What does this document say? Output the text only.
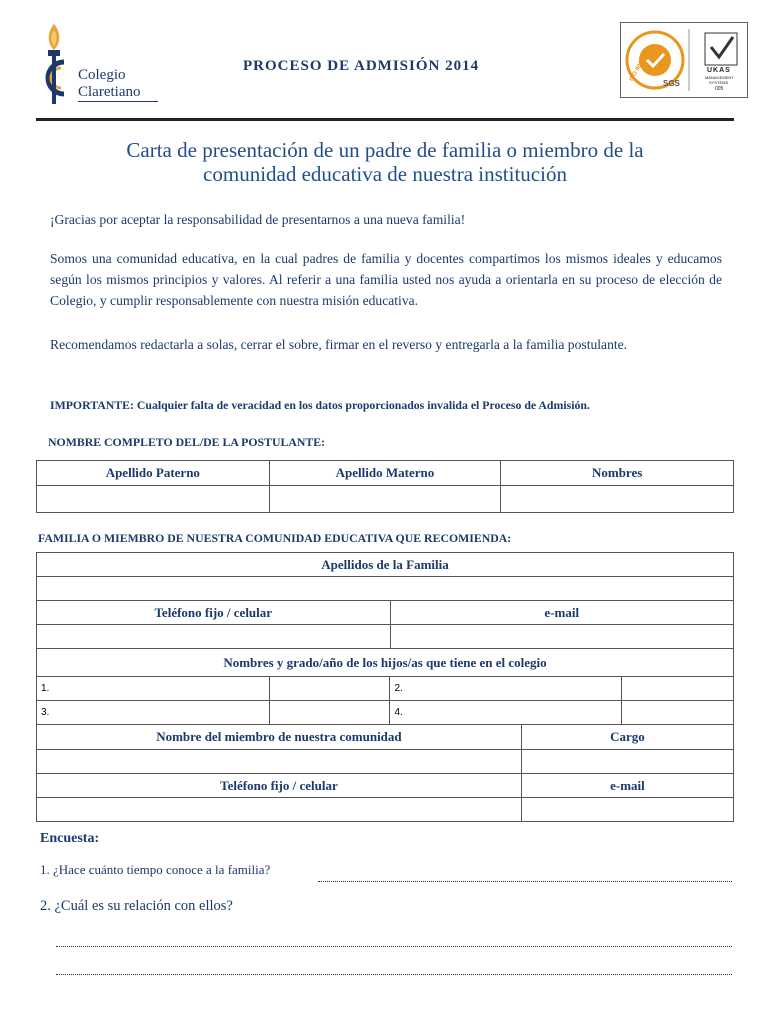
Colegio
Claretiano
PROCESO DE ADMISIÓN 2014	ISO 9001
SGS
UKAS
MANAGEMENT
SYSTEMS
005
Carta de presentación de un padre de familia o miembro de la
comunidad educativa de nuestra institución
¡Gracias por aceptar la responsabilidad de presentarnos a una nueva familia!
Somos una comunidad educativa, en la cual padres de familia y docentes compartimos los mismos ideales y educamos según los mismos principios y valores. Al referir a una familia usted nos ayuda a orientarla en su proceso de elección de Colegio, y cumplir responsablemente con nuestra misión educativa.
Recomendamos redactarla a solas, cerrar el sobre, firmar en el reverso y entregarla a la familia postulante.
IMPORTANTE: Cualquier falta de veracidad en los datos proporcionados invalida el Proceso de Admisión.
NOMBRE COMPLETO DEL/DE LA POSTULANTE:
Apellido Paterno	Apellido Materno	Nombres

FAMILIA O MIEMBRO DE NUESTRA COMUNIDAD EDUCATIVA QUE RECOMIENDA:
Apellidos de la Familia	

Teléfono fijo / celular	e-mail

Nombres y grado/año de los hijos/as que tiene en el colegio	
1.		2.	
3.		4.	
Nombre del miembro de nuestra comunidad	Cargo

Teléfono fijo / celular	e-mail

Encuesta:
1. ¿Hace cuánto tiempo conoce a la familia?
2. ¿Cuál es su relación con ellos?
